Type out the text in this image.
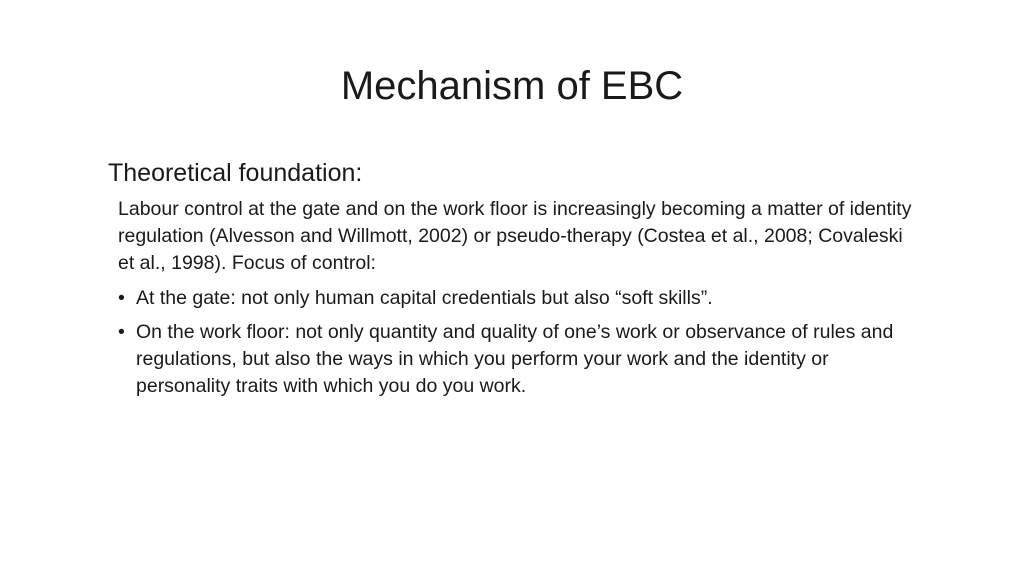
Mechanism of EBC

Theoretical foundation:

Labour control at the gate and on the work floor is increasingly becoming a matter of identity regulation (Alvesson and Willmott, 2002) or pseudo-therapy (Costea et al., 2008; Covaleski et al., 1998). Focus of control:

• At the gate: not only human capital credentials but also “soft skills”.
• On the work floor: not only quantity and quality of one’s work or observance of rules and regulations, but also the ways in which you perform your work and the identity or personality traits with which you do you work.
